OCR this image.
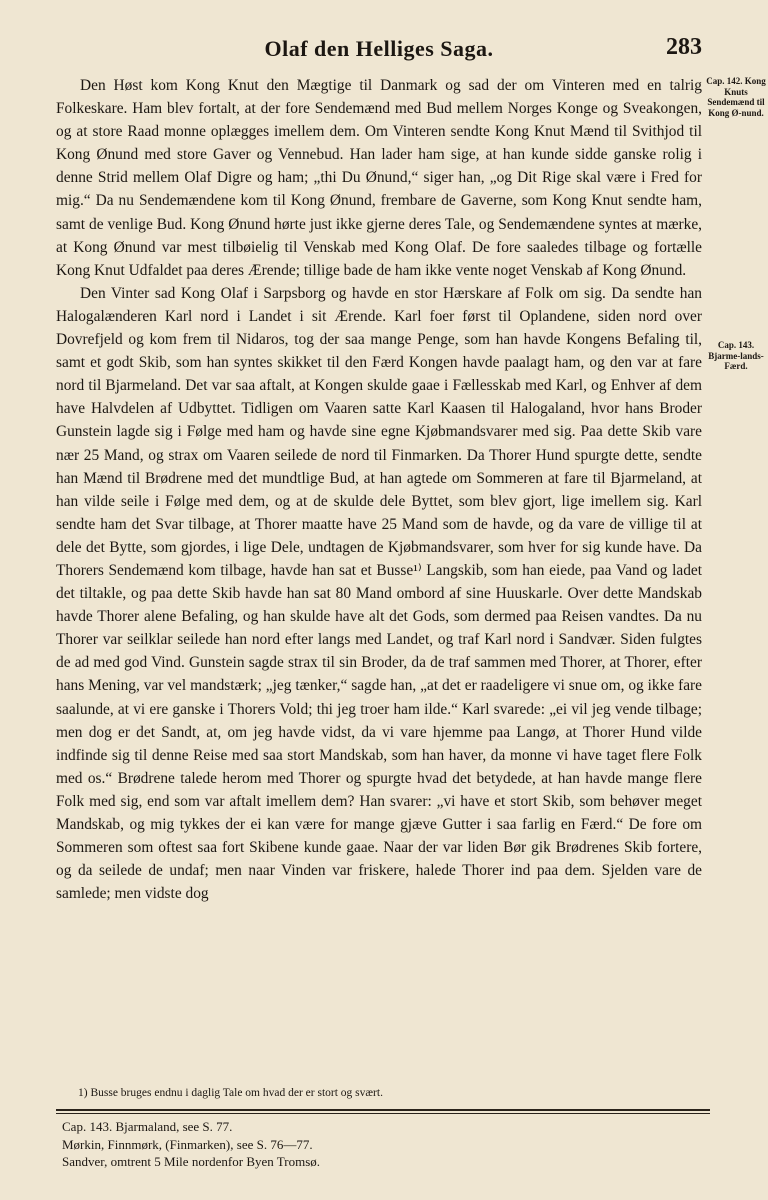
Olaf den Helliges Saga.	283
Cap. 142. Kong Knuts Sendemænd til Kong Ø-nund.
Cap. 143. Bjarme-lands-Færd.

Den Høst kom Kong Knut den Mægtige til Danmark og sad der om Vinteren med en talrig Folkeskare. Ham blev fortalt, at der fore Sendemænd med Bud mellem Norges Konge og Sveakongen, og at store Raad monne oplægges imellem dem. Om Vinteren sendte Kong Knut Mænd til Svithjod til Kong Ønund med store Gaver og Vennebud. Han lader ham sige, at han kunde sidde ganske rolig i denne Strid mellem Olaf Digre og ham; „thi Du Ønund,“ siger han, „og Dit Rige skal være i Fred for mig.“ Da nu Sendemændene kom til Kong Ønund, frembare de Gaverne, som Kong Knut sendte ham, samt de venlige Bud. Kong Ønund hørte just ikke gjerne deres Tale, og Sendemændene syntes at mærke, at Kong Ønund var mest tilbøielig til Venskab med Kong Olaf. De fore saaledes tilbage og fortælle Kong Knut Udfaldet paa deres Ærende; tillige bade de ham ikke vente noget Venskab af Kong Ønund.

Den Vinter sad Kong Olaf i Sarpsborg og havde en stor Hærskare af Folk om sig. Da sendte han Halogalænderen Karl nord i Landet i sit Ærende. Karl foer først til Oplandene, siden nord over Dovrefjeld og kom frem til Nidaros, tog der saa mange Penge, som han havde Kongens Befaling til, samt et godt Skib, som han syntes skikket til den Færd Kongen havde paalagt ham, og den var at fare nord til Bjarmeland. Det var saa aftalt, at Kongen skulde gaae i Fællesskab med Karl, og Enhver af dem have Halvdelen af Udbyttet. Tidligen om Vaaren satte Karl Kaasen til Halogaland, hvor hans Broder Gunstein lagde sig i Følge med ham og havde sine egne Kjøbmandsvarer med sig. Paa dette Skib vare nær 25 Mand, og strax om Vaaren seilede de nord til Finmarken. Da Thorer Hund spurgte dette, sendte han Mænd til Brødrene med det mundtlige Bud, at han agtede om Sommeren at fare til Bjarmeland, at han vilde seile i Følge med dem, og at de skulde dele Byttet, som blev gjort, lige imellem sig. Karl sendte ham det Svar tilbage, at Thorer maatte have 25 Mand som de havde, og da vare de villige til at dele det Bytte, som gjordes, i lige Dele, undtagen de Kjøbmandsvarer, som hver for sig kunde have. Da Thorers Sendemænd kom tilbage, havde han sat et Busse¹⁾ Langskib, som han eiede, paa Vand og ladet det tiltakle, og paa dette Skib havde han sat 80 Mand ombord af sine Huuskarle. Over dette Mandskab havde Thorer alene Befaling, og han skulde have alt det Gods, som dermed paa Reisen vandtes. Da nu Thorer var seilklar seilede han nord efter langs med Landet, og traf Karl nord i Sandvær. Siden fulgtes de ad med god Vind. Gunstein sagde strax til sin Broder, da de traf sammen med Thorer, at Thorer, efter hans Mening, var vel mandstærk; „jeg tænker,“ sagde han, „at det er raadeligere vi snue om, og ikke fare saalunde, at vi ere ganske i Thorers Vold; thi jeg troer ham ilde.“ Karl svarede: „ei vil jeg vende tilbage; men dog er det Sandt, at, om jeg havde vidst, da vi vare hjemme paa Langø, at Thorer Hund vilde indfinde sig til denne Reise med saa stort Mandskab, som han haver, da monne vi have taget flere Folk med os.“ Brødrene talede herom med Thorer og spurgte hvad det betydede, at han havde mange flere Folk med sig, end som var aftalt imellem dem? Han svarer: „vi have et stort Skib, som behøver meget Mandskab, og mig tykkes der ei kan være for mange gjæve Gutter i saa farlig en Færd.“ De fore om Sommeren som oftest saa fort Skibene kunde gaae. Naar der var liden Bør gik Brødrenes Skib fortere, og da seilede de undaf; men naar Vinden var friskere, halede Thorer ind paa dem. Sjelden vare de samlede; men vidste dog

1) Busse bruges endnu i daglig Tale om hvad der er stort og svært.
Cap. 143. Bjarmaland, see S. 77.
Mørkin, Finnmørk, (Finmarken), see S. 76—77.
Sandver, omtrent 5 Mile nordenfor Byen Tromsø.
